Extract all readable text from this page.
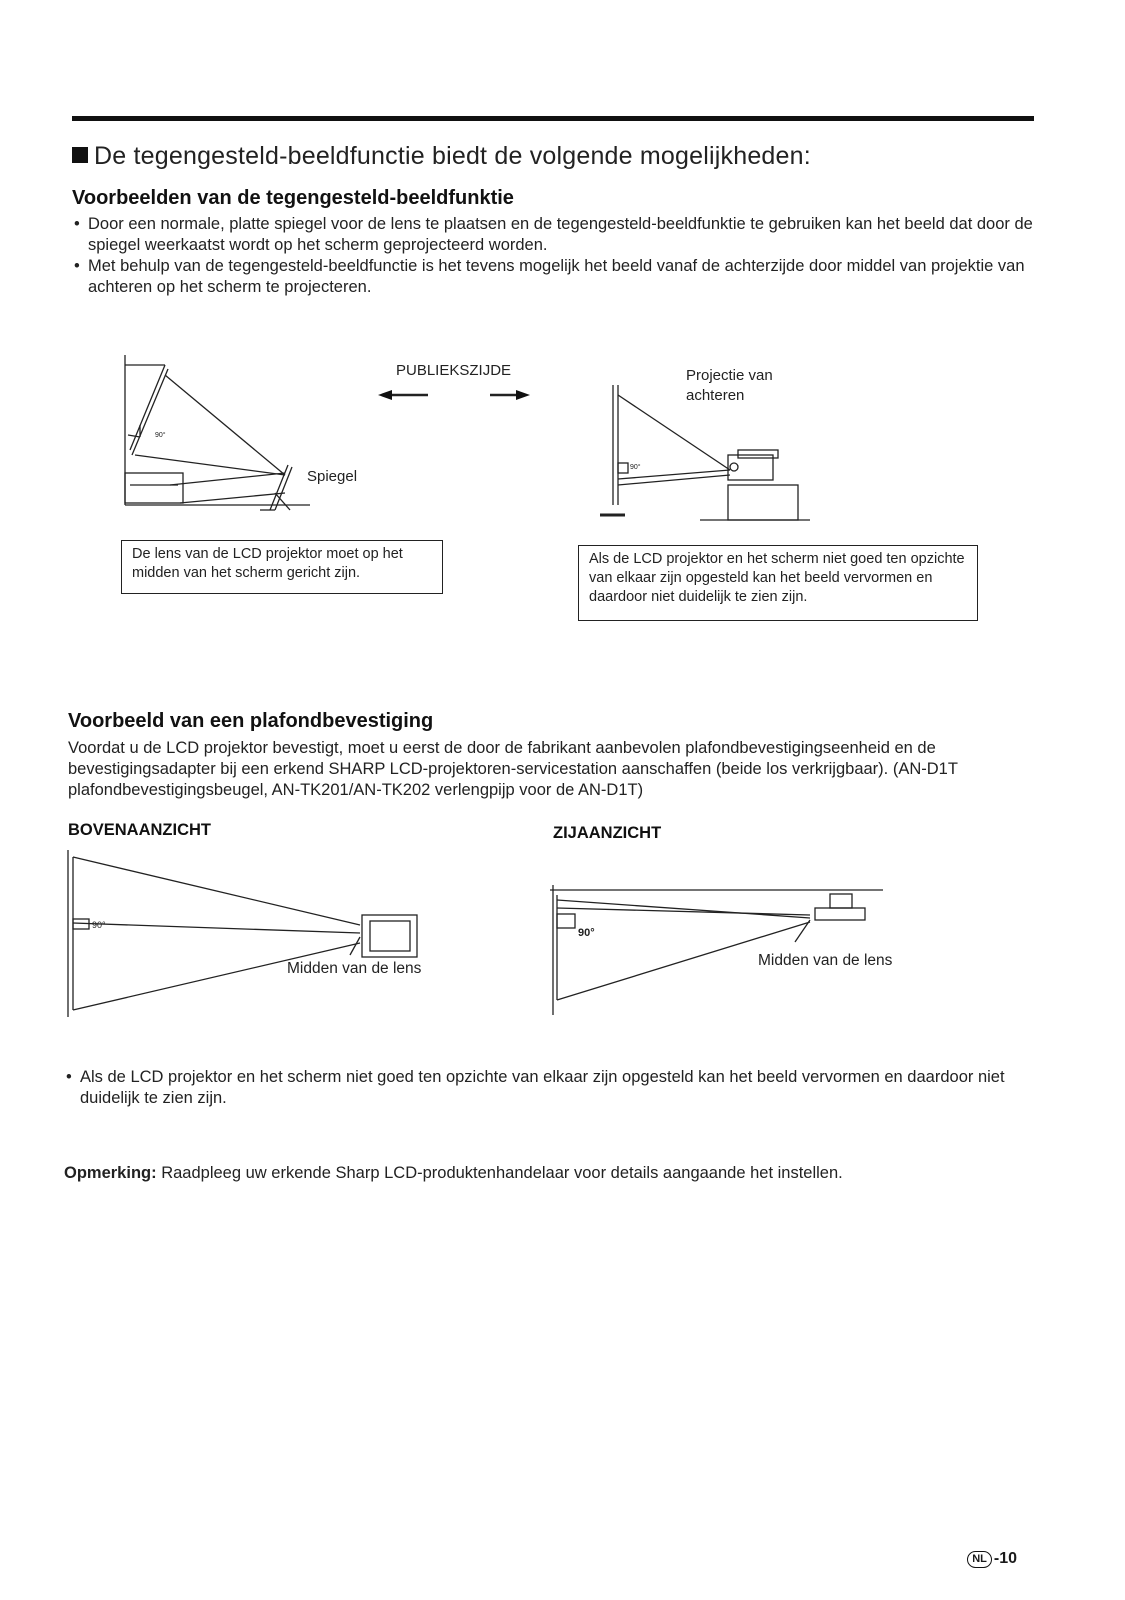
De tegengesteld-beeldfunctie biedt de volgende mogelijkheden:
Voorbeelden van de tegengesteld-beeldfunktie
• Door een normale, platte spiegel voor de lens te plaatsen en de tegengesteld-beeldfunktie te gebruiken kan het beeld dat door de spiegel weerkaatst wordt op het scherm geprojecteerd worden.
• Met behulp van de tegengesteld-beeldfunctie is het tevens mogelijk het beeld vanaf de achterzijde door middel van projektie van achteren op het scherm te projecteren.
90°
90°
PUBLIEKSZIJDE
Spiegel
Projectie van
achteren
De lens van de LCD projektor moet op het midden van het scherm gericht zijn.
Als de LCD projektor en het scherm niet goed ten opzichte van elkaar zijn opgesteld kan het beeld vervormen en daardoor niet duidelijk te zien zijn.
Voorbeeld van een plafondbevestiging
Voordat u de LCD projektor bevestigt, moet u eerst de door de fabrikant aanbevolen plafondbevestigingseenheid en de bevestigingsadapter bij een erkend SHARP LCD-projektoren-servicestation aanschaffen (beide los verkrijgbaar). (AN-D1T plafondbevestigingsbeugel, AN-TK201/AN-TK202 verlengpijp voor de AN-D1T)
BOVENAANZICHT	ZIJAANZICHT
90°
Midden van de lens
90°
Midden van de lens
• Als de LCD projektor en het scherm niet goed ten opzichte van elkaar zijn opgesteld kan het beeld vervormen en daardoor niet duidelijk te zien zijn.
Opmerking: Raadpleeg uw erkende Sharp LCD-produktenhandelaar voor details aangaande het instellen.
NL -10
